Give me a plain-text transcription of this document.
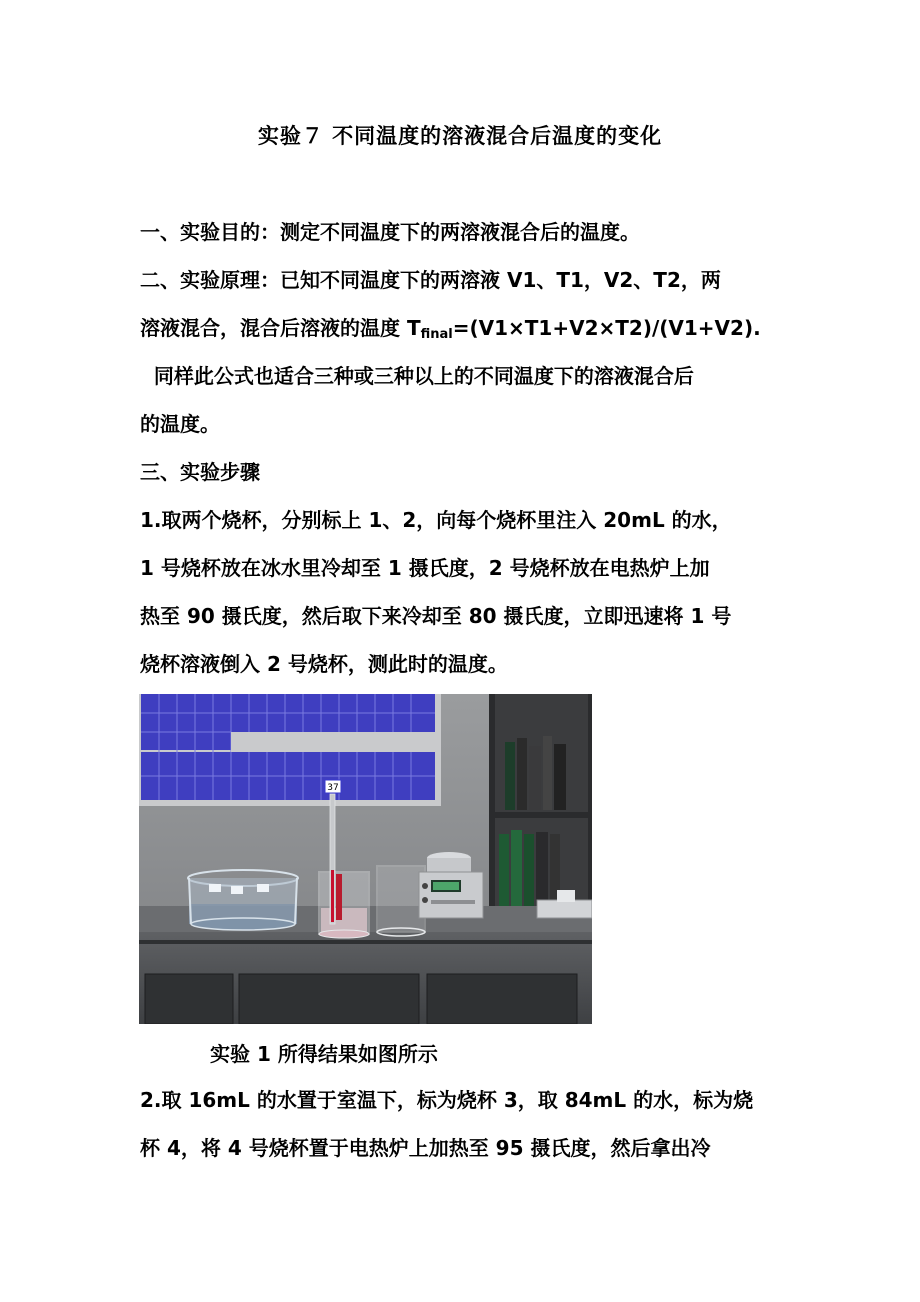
实验７ 不同温度的溶液混合后温度的变化
一、实验目的：测定不同温度下的两溶液混合后的温度。
二、实验原理：已知不同温度下的两溶液 V1、T1，V2、T2，两
溶液混合，混合后溶液的温度 $T_{final}=(V1\times T1+V2\times T2)/(V1+V2)$.
同样此公式也适合三种或三种以上的不同温度下的溶液混合后
的温度。
三、实验步骤
1.取两个烧杯，分别标上 1、2，向每个烧杯里注入 20mL 的水，
1 号烧杯放在冰水里冷却至 1 摄氏度，2 号烧杯放在电热炉上加
热至 90 摄氏度，然后取下来冷却至 80 摄氏度，立即迅速将 1 号
烧杯溶液倒入 2 号烧杯，测此时的温度。
37
实验 1 所得结果如图所示
2.取 16mL 的水置于室温下，标为烧杯 3，取 84mL 的水，标为烧
杯 4，将 4 号烧杯置于电热炉上加热至 95 摄氏度，然后拿出冷
